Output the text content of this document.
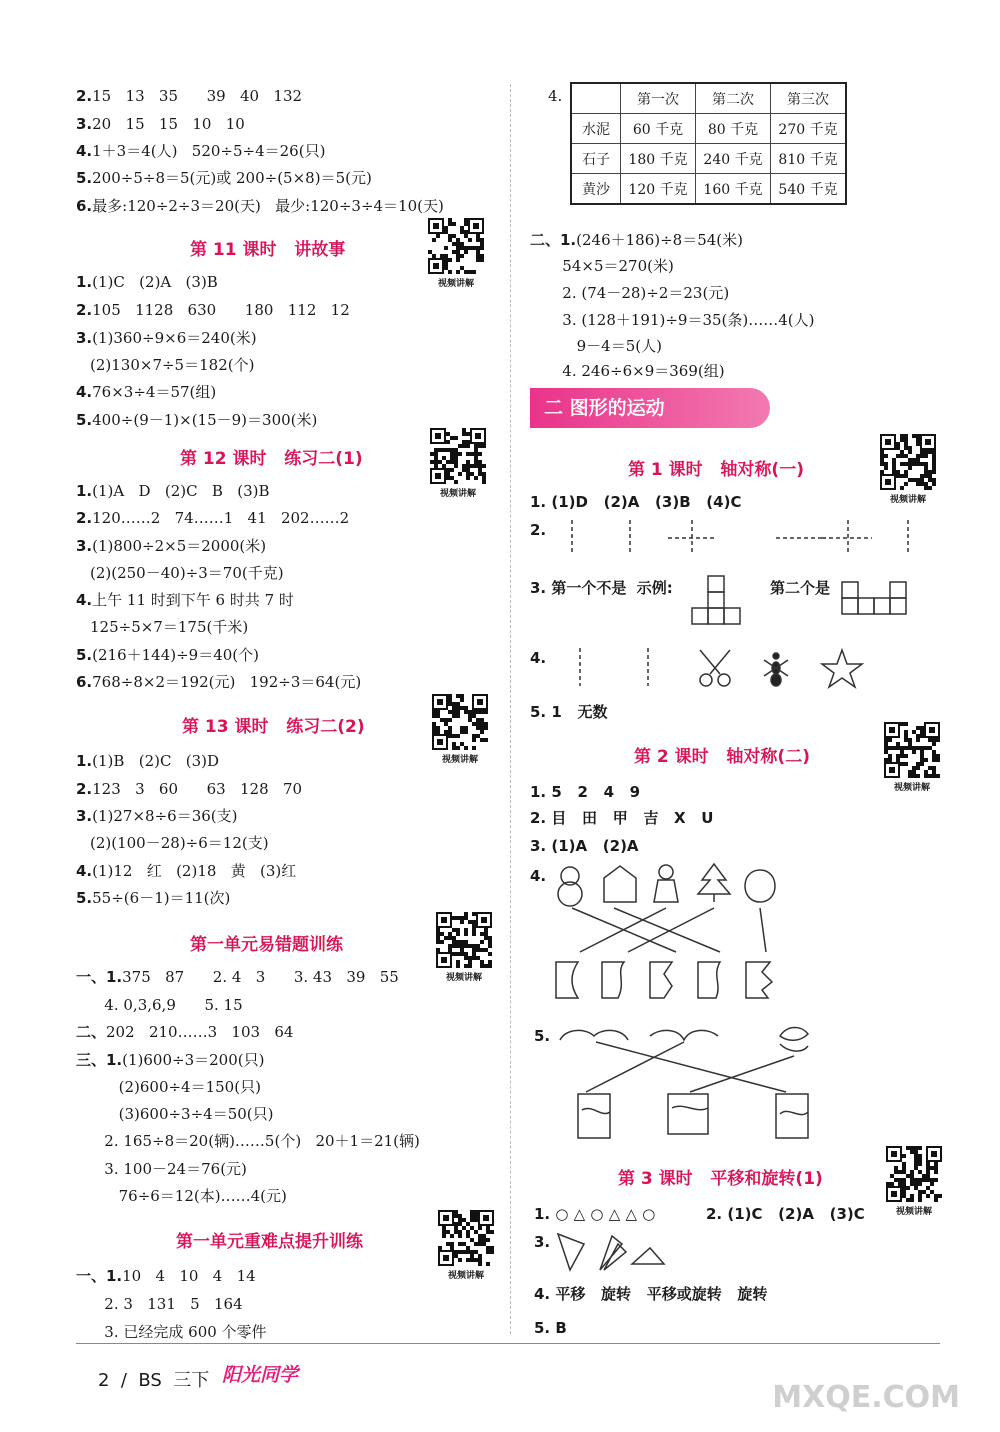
第 11 课时   讲故事
第 12 课时   练习二(1)
第 13 课时   练习二(2)
第一单元易错题训练
第一单元重难点提升训练
2.15   13   35      39   40   132
3.20   15   15   10   10
4.1＋3＝4(人)   520÷5÷4＝26(只)
5.200÷5÷8＝5(元)或 200÷(5×8)＝5(元)
6.最多:120÷2÷3＝20(天)   最少:120÷3÷4＝10(天)
1.(1)C   (2)A   (3)B
2.105   1128   630      180   112   12
3.(1)360÷9×6＝240(米)
(2)130×7÷5＝182(个)
4.76×3÷4＝57(组)
5.400÷(9－1)×(15－9)＝300(米)
1.(1)A   D   (2)C   B   (3)B
2.120……2   74……1   41   202……2
3.(1)800÷2×5＝2000(米)
(2)(250－40)÷3＝70(千克)
4.上午 11 时到下午 6 时共 7 时
125÷5×7＝175(千米)
5.(216＋144)÷9＝40(个)
6.768÷8×2＝192(元)   192÷3＝64(元)
1.(1)B   (2)C   (3)D
2.123   3   60      63   128   70
3.(1)27×8÷6＝36(支)
(2)(100－28)÷6＝12(支)
4.(1)12   红   (2)18   黄   (3)红
5.55÷(6－1)＝11(次)
一、1.375   87      2. 4   3      3. 43   39   55
4. 0,3,6,9      5. 15
二、202   210……3   103   64
三、1.(1)600÷3＝200(只)
(2)600÷4＝150(只)
(3)600÷3÷4＝50(只)
2. 165÷8＝20(辆)……5(个)   20＋1＝21(辆)
3. 100－24＝76(元)
76÷6＝12(本)……4(元)
一、1.10   4   10   4   14
2. 3   131   5   164
3. 已经完成 600 个零件
4.
		第一次	第二次	第三次
水泥	60 千克	80 千克	270 千克
石子	180 千克	240 千克	810 千克
黄沙	120 千克	160 千克	540 千克
二、1.(246＋186)÷8＝54(米)
54×5＝270(米)
2. (74－28)÷2＝23(元)
3. (128＋191)÷9＝35(条)……4(人)
9－4＝5(人)
4. 246÷6×9＝369(组)
二 图形的运动
第 1 课时   轴对称(一)
1. (1)D   (2)A   (3)B   (4)C
2.
3. 第一个不是  示例:	第二个是
4.
5. 1   无数
第 2 课时   轴对称(二)
1. 5   2   4   9
2. 目   田   甲   吉   X   U
3. (1)A   (2)A
4.
5.
第 3 课时   平移和旋转(1)
1. ○ △ ○ △ △ ○	2. (1)C   (2)A   (3)C
3.
4. 平移   旋转   平移或旋转   旋转
5. B
视频讲解
视频讲解
视频讲解
视频讲解
视频讲解
视频讲解
视频讲解
视频讲解
2  /  BS  三下 阳光同学
MXQE.COM
